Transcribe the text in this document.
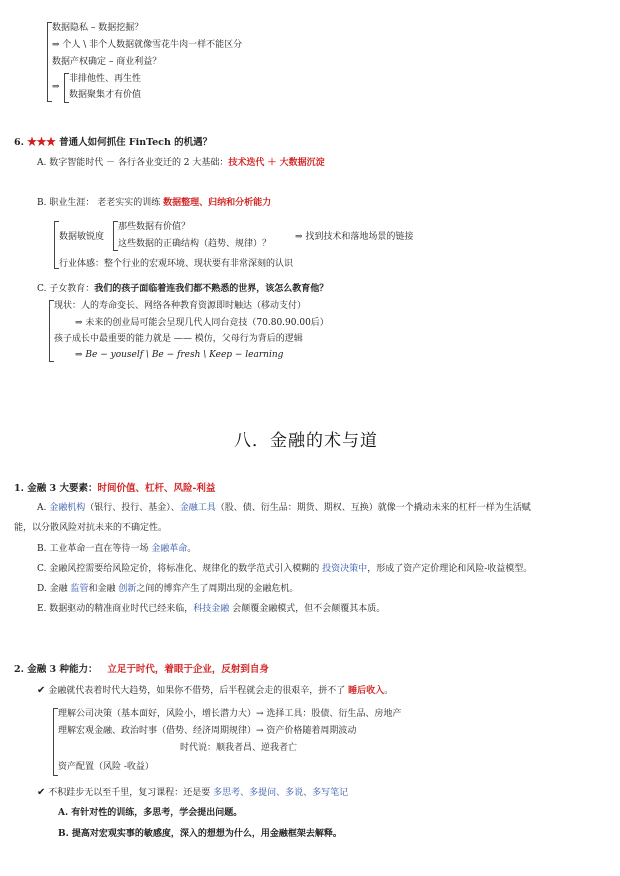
数据隐私 – 数据挖掘？
⇒ 个人 \ 非个人数据就像雪花牛肉一样不能区分
数据产权确定 – 商业利益？
⇒
非排他性、再生性
数据聚集才有价值
6. ★★★ 普通人如何抓住 FinTech 的机遇？
A. 数字智能时代 － 各行各业变迁的 2 大基础：技术迭代 ＋ 大数据沉淀
B. 职业生涯： 老老实实的训练 数据整理、归纳和分析能力
数据敏锐度
那些数据有价值？
这些数据的正确结构（趋势、规律）？
⇒ 找到技术和落地场景的链接
行业体感：整个行业的宏观环境、现状要有非常深刻的认识
C. 子女教育：我们的孩子面临着连我们都不熟悉的世界，该怎么教育他？
现状：人的寿命变长、网络各种教育资源即时触达（移动支付）
⇒ 未来的创业局可能会呈现几代人同台竞技（70.80.90.00后）
孩子成长中最重要的能力就是 —— 模仿，父母行为背后的逻辑
⇒ Be − youself \ Be − fresh \ Keep − learning
八．金融的术与道
1. 金融 3 大要素：时间价值、杠杆、风险-利益
A. 金融机构（银行、投行、基金）、金融工具（股、债、衍生品：期货、期权、互换）就像一个撬动未来的杠杆一样为生活赋
能，以分散风险对抗未来的不确定性。
B. 工业革命一直在等待一场 金融革命。
C. 金融风控需要给风险定价，将标准化、规律化的数学范式引入模糊的 投资决策中，形成了资产定价理论和风险-收益模型。
D. 金融 监管和金融 创新之间的博弈产生了周期出现的金融危机。
E. 数据驱动的精准商业时代已经来临，科技金融 会颠覆金融模式，但不会颠覆其本质。
2. 金融 3 种能力： 立足于时代，着眼于企业，反射到自身
✔ 金融就代表着时代大趋势，如果你不借势，后半程就会走的很艰辛，拼不了 睡后收入。
理解公司决策（基本面好，风险小，增长潜力大）→ 选择工具：股债、衍生品、房地产
理解宏观金融、政治时事（借势、经济周期规律）→ 资产价格随着周期波动
时代说：顺我者昌、逆我者亡
资产配置（风险 -收益）
✔ 不积跬步无以至千里，复习课程：还是要 多思考、多提问、多说、多写笔记
A. 有针对性的训练，多思考，学会提出问题。
B. 提高对宏观实事的敏感度，深入的想想为什么，用金融框架去解释。
